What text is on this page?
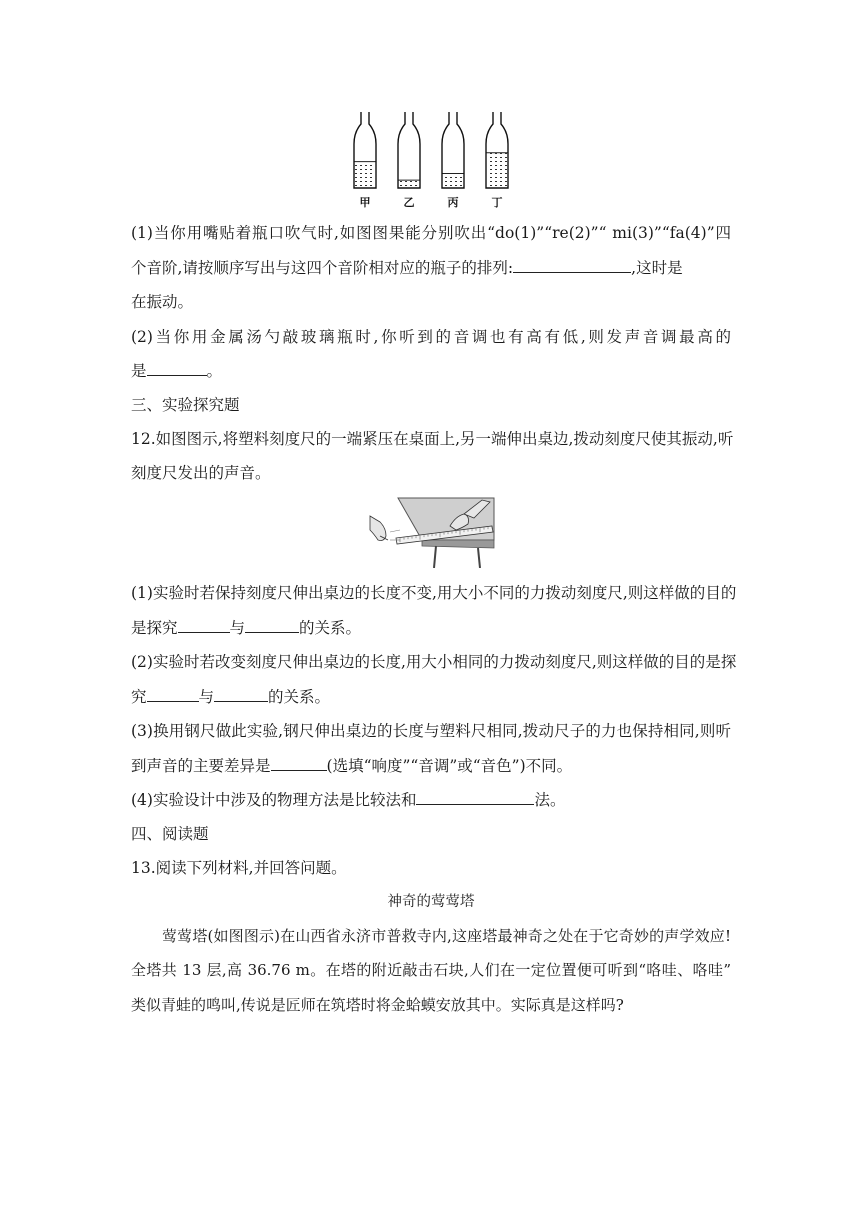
甲	乙	丙	丁
(1)当你用嘴贴着瓶口吹气时,如图图果能分别吹出“do(1)”“re(2)”“ mi(3)”“fa(4)”四
个音阶,请按顺序写出与这四个音阶相对应的瓶子的排列:	,这时是
在振动。
(2)当你用金属汤勺敲玻璃瓶时,你听到的音调也有高有低,则发声音调最高的
是	。
三、实验探究题
12.如图图示,将塑料刻度尺的一端紧压在桌面上,另一端伸出桌边,拨动刻度尺使其振动,听
刻度尺发出的声音。
(1)实验时若保持刻度尺伸出桌边的长度不变,用大小不同的力拨动刻度尺,则这样做的目的
是探究	与	的关系。
(2)实验时若改变刻度尺伸出桌边的长度,用大小相同的力拨动刻度尺,则这样做的目的是探
究	与	的关系。
(3)换用钢尺做此实验,钢尺伸出桌边的长度与塑料尺相同,拨动尺子的力也保持相同,则听
到声音的主要差异是	(选填“响度”“音调”或“音色”)不同。
(4)实验设计中涉及的物理方法是比较法和	法。
四、阅读题
13.阅读下列材料,并回答问题。
神奇的莺莺塔
莺莺塔(如图图示)在山西省永济市普救寺内,这座塔最神奇之处在于它奇妙的声学效应!
全塔共 13 层,高 36.76 m。在塔的附近敲击石块,人们在一定位置便可听到“咯哇、咯哇”
类似青蛙的鸣叫,传说是匠师在筑塔时将金蛤蟆安放其中。实际真是这样吗?
